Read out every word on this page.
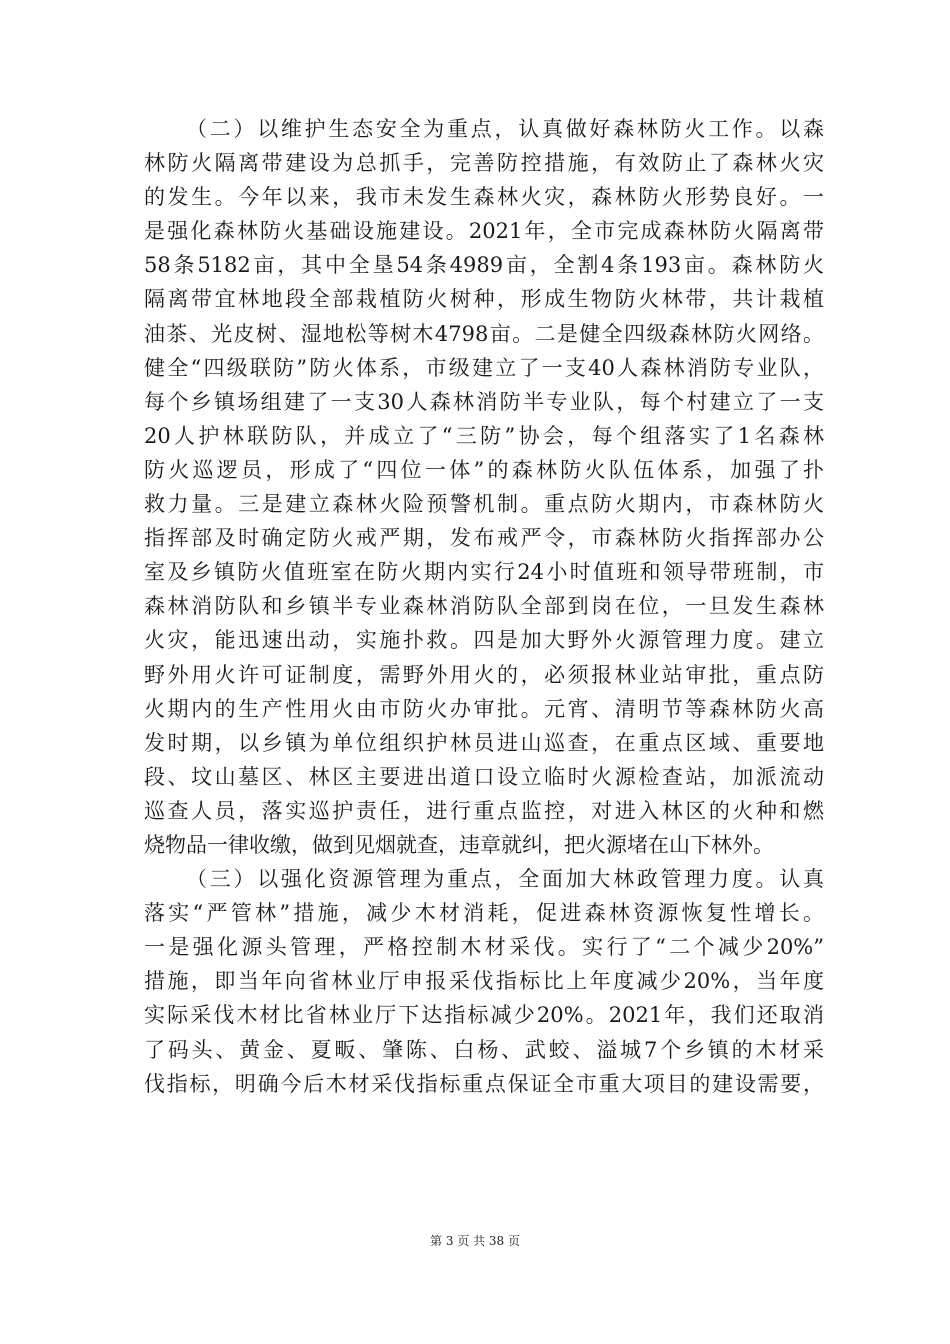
（二）以维护生态安全为重点，认真做好森林防火工作。以森
林防火隔离带建设为总抓手，完善防控措施，有效防止了森林火灾
的发生。今年以来，我市未发生森林火灾，森林防火形势良好。一
是强化森林防火基础设施建设。2021年，全市完成森林防火隔离带
58条5182亩，其中全垦54条4989亩，全割4条193亩。森林防火
隔离带宜林地段全部栽植防火树种，形成生物防火林带，共计栽植
油茶、光皮树、湿地松等树木4798亩。二是健全四级森林防火网络。
健全“四级联防”防火体系，市级建立了一支40人森林消防专业队，
每个乡镇场组建了一支30人森林消防半专业队，每个村建立了一支
20人护林联防队，并成立了“三防”协会，每个组落实了1名森林
防火巡逻员，形成了“四位一体”的森林防火队伍体系，加强了扑
救力量。三是建立森林火险预警机制。重点防火期内，市森林防火
指挥部及时确定防火戒严期，发布戒严令，市森林防火指挥部办公
室及乡镇防火值班室在防火期内实行24小时值班和领导带班制，市
森林消防队和乡镇半专业森林消防队全部到岗在位，一旦发生森林
火灾，能迅速出动，实施扑救。四是加大野外火源管理力度。建立
野外用火许可证制度，需野外用火的，必须报林业站审批，重点防
火期内的生产性用火由市防火办审批。元宵、清明节等森林防火高
发时期，以乡镇为单位组织护林员进山巡查，在重点区域、重要地
段、坟山墓区、林区主要进出道口设立临时火源检查站，加派流动
巡查人员，落实巡护责任，进行重点监控，对进入林区的火种和燃
烧物品一律收缴，做到见烟就查，违章就纠，把火源堵在山下林外。
（三）以强化资源管理为重点，全面加大林政管理力度。认真
落实“严管林”措施，减少木材消耗，促进森林资源恢复性增长。
一是强化源头管理，严格控制木材采伐。实行了“二个减少20%”
措施，即当年向省林业厅申报采伐指标比上年度减少20%，当年度
实际采伐木材比省林业厅下达指标减少20%。2021年，我们还取消
了码头、黄金、夏畈、肇陈、白杨、武蛟、溢城7个乡镇的木材采
伐指标，明确今后木材采伐指标重点保证全市重大项目的建设需要，
第 3 页 共 38 页
